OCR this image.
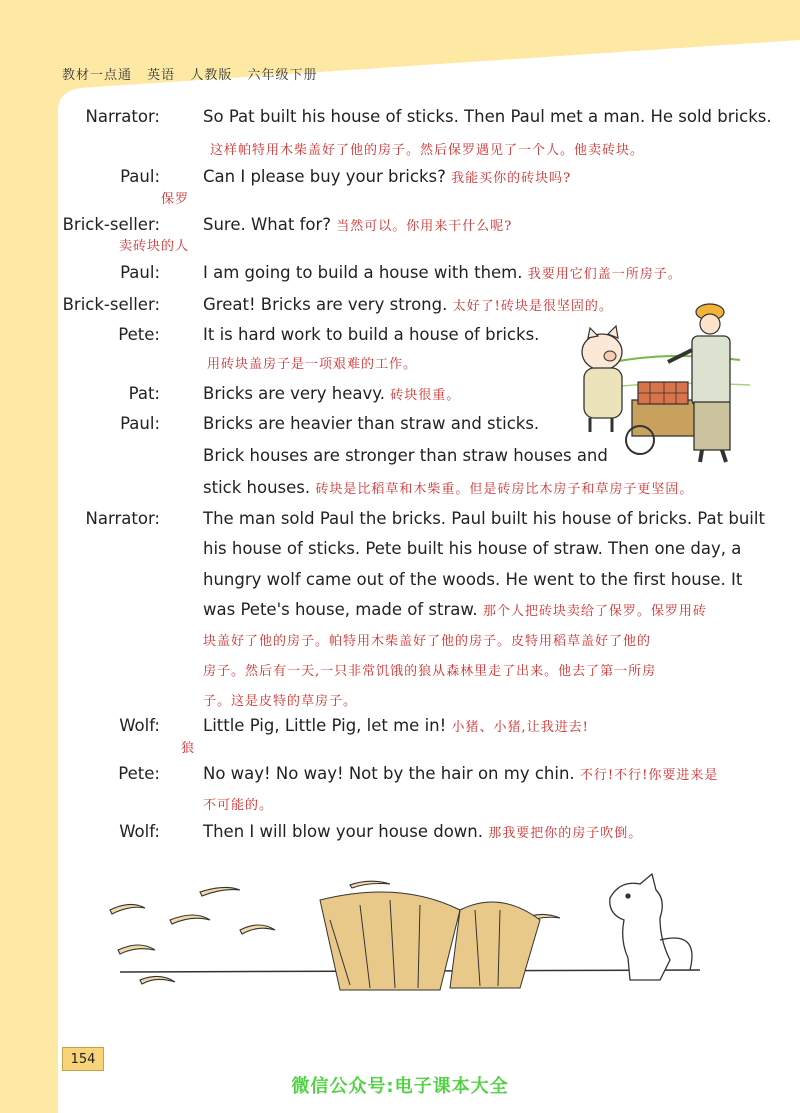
教材一点通 英语 人教版 六年级下册
Narrator:	So Pat built his house of sticks. Then Paul met a man. He sold bricks.
这样帕特用木柴盖好了他的房子。然后保罗遇见了一个人。他卖砖块。
Paul:	Can I please buy your bricks? 我能买你的砖块吗?
Brick-seller:	Sure. What for? 当然可以。你用来干什么呢?
Paul:	I am going to build a house with them. 我要用它们盖一所房子。
Brick-seller:	Great! Bricks are very strong. 太好了!砖块是很坚固的。
Pete:	It is hard work to build a house of bricks.
用砖块盖房子是一项艰难的工作。
Pat:	Bricks are very heavy. 砖块很重。
Paul:	Bricks are heavier than straw and sticks.
Brick houses are stronger than straw houses and
stick houses. 砖块是比稻草和木柴重。但是砖房比木房子和草房子更坚固。
Narrator:	The man sold Paul the bricks. Paul built his house of bricks. Pat built
his house of sticks. Pete built his house of straw. Then one day, a
hungry wolf came out of the woods. He went to the first house. It
was Pete's house, made of straw. 那个人把砖块卖给了保罗。保罗用砖
块盖好了他的房子。帕特用木柴盖好了他的房子。皮特用稻草盖好了他的
房子。然后有一天,一只非常饥饿的狼从森林里走了出来。他去了第一所房
子。这是皮特的草房子。
Wolf:	Little Pig, Little Pig, let me in! 小猪、小猪,让我进去!
Pete:	No way! No way! Not by the hair on my chin. 不行!不行!你要进来是
不可能的。
Wolf:	Then I will blow your house down. 那我要把你的房子吹倒。
保罗
卖砖块的人
狼
154
微信公众号:电子课本大全
